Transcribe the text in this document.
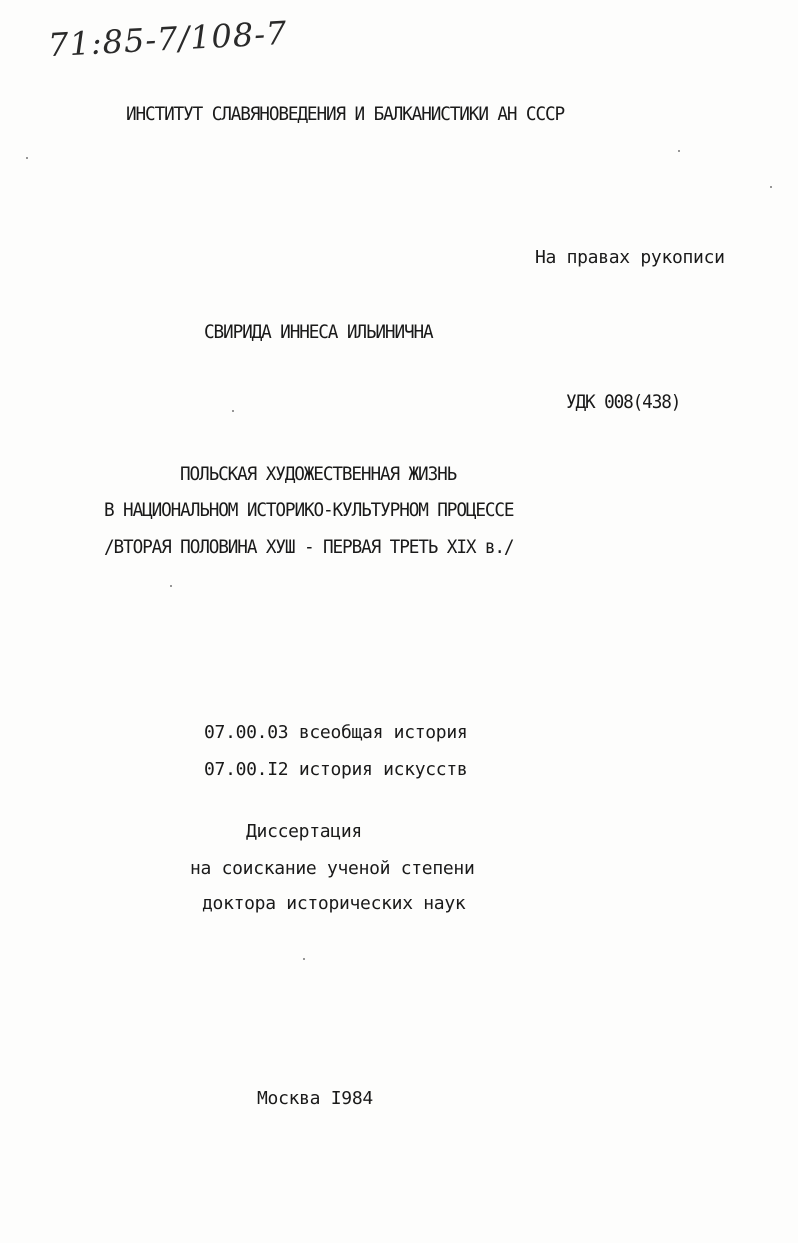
71:85-7/108-7
ИНСТИТУТ СЛАВЯНОВЕДЕНИЯ И БАЛКАНИСТИКИ АН СССР
На правах рукописи
СВИРИДА ИННЕСА ИЛЬИНИЧНА
УДК 008(438)
ПОЛЬСКАЯ ХУДОЖЕСТВЕННАЯ ЖИЗНЬ
В НАЦИОНАЛЬНОМ ИСТОРИКО-КУЛЬТУРНОМ ПРОЦЕССЕ
/ВТОРАЯ ПОЛОВИНА ХУШ - ПЕРВАЯ ТРЕТЬ XIX в./
07.00.03 всеобщая история
07.00.I2 история искусств
Диссертация
на соискание ученой степени
доктора исторических наук
Москва I984
